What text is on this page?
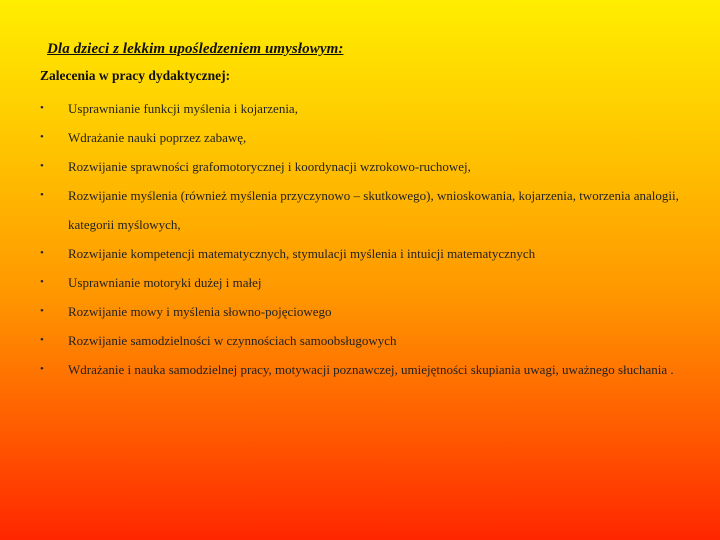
Dla dzieci z lekkim upośledzeniem umysłowym:
Zalecenia w pracy dydaktycznej:
•	Usprawnianie funkcji myślenia i kojarzenia,
•	Wdrażanie nauki poprzez zabawę,
•	Rozwijanie sprawności grafomotorycznej i koordynacji wzrokowo-ruchowej,
•	Rozwijanie myślenia (również myślenia przyczynowo – skutkowego), wnioskowania, kojarzenia, tworzenia analogii, kategorii myślowych,
•	Rozwijanie kompetencji matematycznych, stymulacji myślenia i intuicji matematycznych
•	Usprawnianie motoryki dużej i małej
•	Rozwijanie mowy i myślenia słowno-pojęciowego
•	Rozwijanie samodzielności w czynnościach samoobsługowych
•	Wdrażanie i nauka samodzielnej pracy, motywacji poznawczej, umiejętności skupiania uwagi, uważnego słuchania .
